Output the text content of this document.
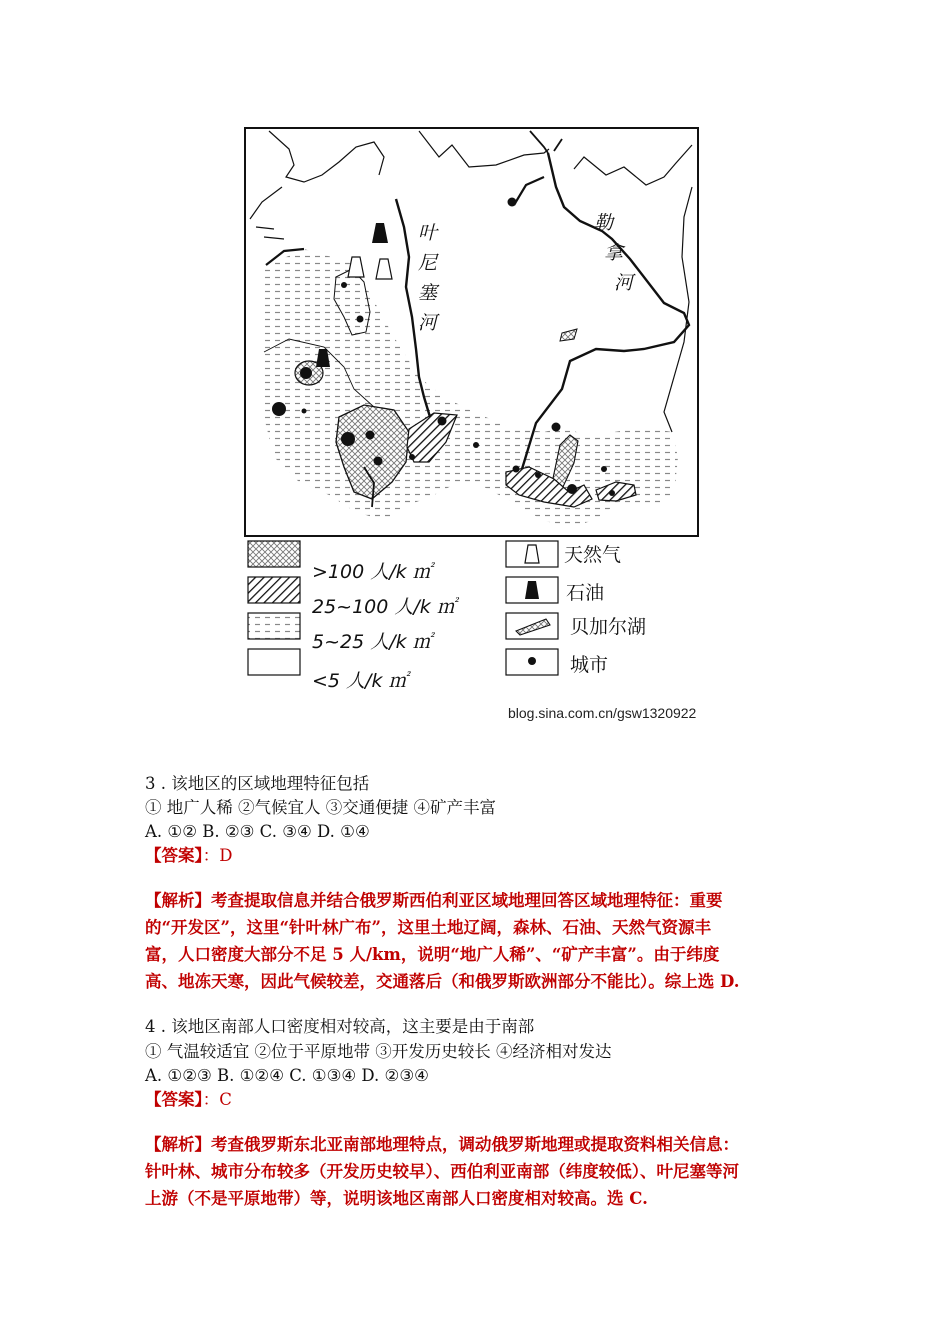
叶
尼
塞
河
勒
拿
河
>100 人/k ㎡
25~100 人/k ㎡
5~25 人/k ㎡
<5 人/k ㎡
天然气
石油
贝加尔湖
城市
blog.sina.com.cn/gsw1320922
3 . 该地区的区域地理特征包括
① 地广人稀 ②气候宜人 ③交通便捷 ④矿产丰富
A. ①② B. ②③ C. ③④ D. ①④
【答案】：D
【解析】考查提取信息并结合俄罗斯西伯利亚区域地理回答区域地理特征：重要
的“开发区”，这里“针叶林广布”，这里土地辽阔，森林、石油、天然气资源丰
富，人口密度大部分不足 5 人/km，说明“地广人稀”、“矿产丰富”。由于纬度
高、地冻天寒，因此气候较差，交通落后（和俄罗斯欧洲部分不能比）。综上选 D.
4 . 该地区南部人口密度相对较高，这主要是由于南部
① 气温较适宜 ②位于平原地带 ③开发历史较长 ④经济相对发达
A. ①②③ B. ①②④ C. ①③④ D. ②③④
【答案】：C
【解析】考查俄罗斯东北亚南部地理特点，调动俄罗斯地理或提取资料相关信息：
针叶林、城市分布较多（开发历史较早）、西伯利亚南部（纬度较低）、叶尼塞等河
上游（不是平原地带）等，说明该地区南部人口密度相对较高。选 C.
